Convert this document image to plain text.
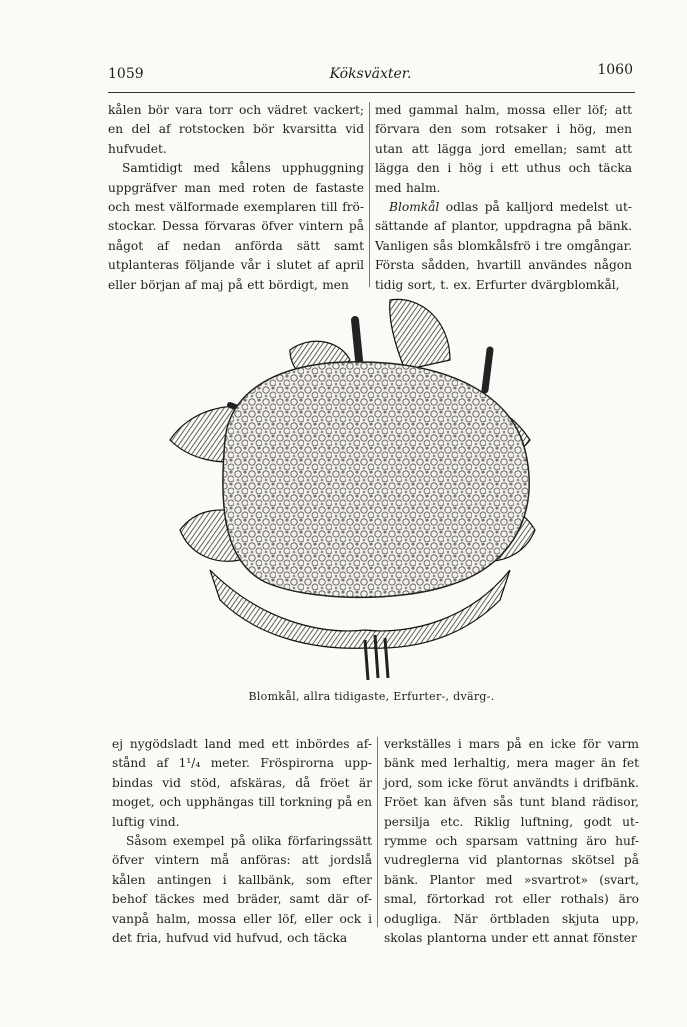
1059	Köksväxter.	1060

kålen bör vara torr och vädret vackert; en del af rotstocken bör kvarsitta vid hufvudet.

Samtidigt med kålens upphuggning uppgräfver man med roten de fastaste och mest välformade exemplaren till frö-stockar. Dessa förvaras öfver vintern på något af nedan anförda sätt samt utplanteras följande vår i slutet af april eller början af maj på ett bördigt, men

med gammal halm, mossa eller löf; att förvara den som rotsaker i hög, men utan att lägga jord emellan; samt att lägga den i hög i ett uthus och täcka med halm.

Blomkål odlas på kalljord medelst ut-sättande af plantor, uppdragna på bänk. Vanligen sås blomkålsfrö i tre omgångar. Första sådden, hvartill användes någon tidig sort, t. ex. Erfurter dvärgblomkål,

Blomkål, allra tidigaste, Erfurter-, dvärg-.

ej nygödsladt land med ett inbördes af-stånd af 1¹/₄ meter. Fröspirorna upp-bindas vid stöd, afskäras, då fröet är moget, och upphängas till torkning på en luftig vind.

Såsom exempel på olika förfaringssätt öfver vintern må anföras: att jordslå kålen antingen i kallbänk, som efter behof täckes med bräder, samt där of-vanpå halm, mossa eller löf, eller ock i det fria, hufvud vid hufvud, och täcka

verkställes i mars på en icke för varm bänk med lerhaltig, mera mager än fet jord, som icke förut användts i drifbänk. Fröet kan äfven sås tunt bland rädisor, persilja etc. Riklig luftning, godt ut-rymme och sparsam vattning äro huf-vudreglerna vid plantornas skötsel på bänk. Plantor med »svartrot» (svart, smal, förtorkad rot eller rothals) äro odugliga. När örtbladen skjuta upp, skolas plantorna under ett annat fönster
